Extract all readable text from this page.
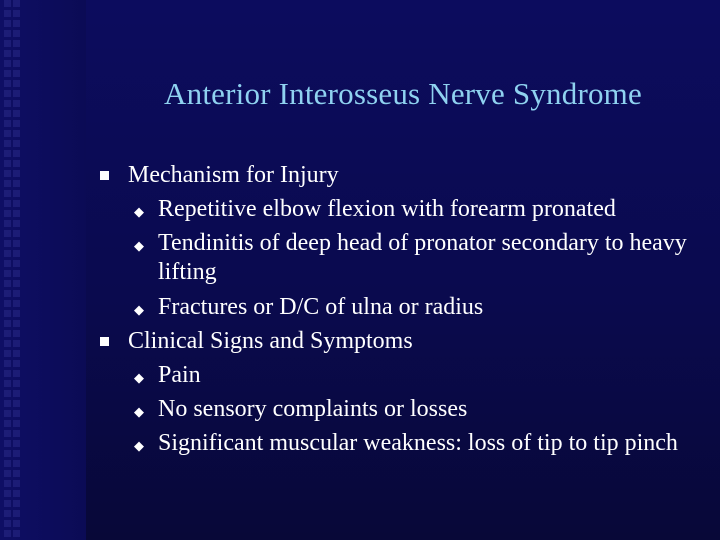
Anterior Interosseus Nerve Syndrome
Mechanism for Injury
◆ Repetitive elbow flexion with forearm pronated
◆ Tendinitis of deep head of pronator secondary to heavy lifting
◆ Fractures or D/C of ulna or radius
Clinical Signs and Symptoms
◆ Pain
◆ No sensory complaints or losses
◆ Significant muscular weakness: loss of tip to tip pinch
